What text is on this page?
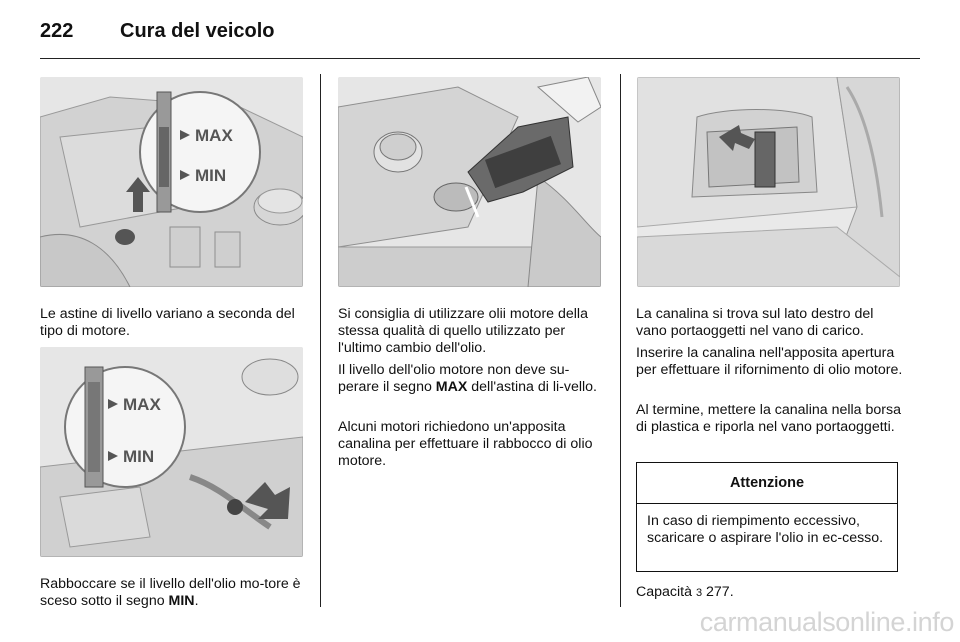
222 Cura del veicolo
MAX
MIN
MAX
MIN

Le astine di livello variano a seconda del tipo di motore.

Rabboccare se il livello dell'olio mo-tore è sceso sotto il segno MIN.

Si consiglia di utilizzare olii motore della stessa qualità di quello utilizzato per l'ultimo cambio dell'olio.

Il livello dell'olio motore non deve su-perare il segno MAX dell'astina di li-vello.

Alcuni motori richiedono un'apposita canalina per effettuare il rabbocco di olio motore.

La canalina si trova sul lato destro del vano portaoggetti nel vano di carico.

Inserire la canalina nell'apposita apertura per effettuare il rifornimento di olio motore.

Al termine, mettere la canalina nella borsa di plastica e riporla nel vano portaoggetti.

Attenzione
In caso di riempimento eccessivo, scaricare o aspirare l'olio in ec-cesso.

Capacità 3 277.

carmanualsonline.info
